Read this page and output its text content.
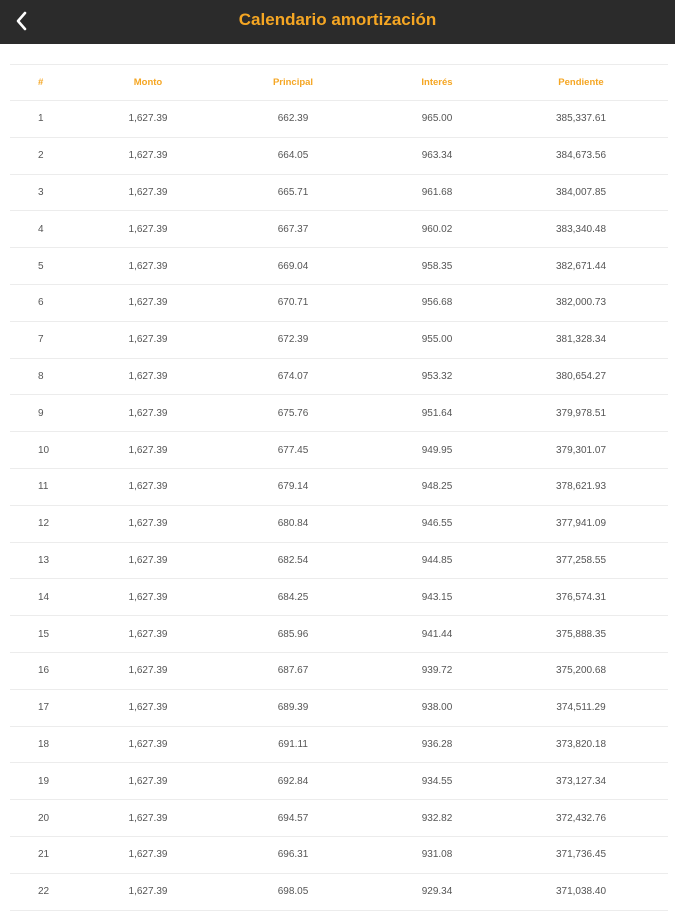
Calendario amortización
#	Monto	Principal	Interés	Pendiente
1	1,627.39	662.39	965.00	385,337.61
2	1,627.39	664.05	963.34	384,673.56
3	1,627.39	665.71	961.68	384,007.85
4	1,627.39	667.37	960.02	383,340.48
5	1,627.39	669.04	958.35	382,671.44
6	1,627.39	670.71	956.68	382,000.73
7	1,627.39	672.39	955.00	381,328.34
8	1,627.39	674.07	953.32	380,654.27
9	1,627.39	675.76	951.64	379,978.51
10	1,627.39	677.45	949.95	379,301.07
11	1,627.39	679.14	948.25	378,621.93
12	1,627.39	680.84	946.55	377,941.09
13	1,627.39	682.54	944.85	377,258.55
14	1,627.39	684.25	943.15	376,574.31
15	1,627.39	685.96	941.44	375,888.35
16	1,627.39	687.67	939.72	375,200.68
17	1,627.39	689.39	938.00	374,511.29
18	1,627.39	691.11	936.28	373,820.18
19	1,627.39	692.84	934.55	373,127.34
20	1,627.39	694.57	932.82	372,432.76
21	1,627.39	696.31	931.08	371,736.45
22	1,627.39	698.05	929.34	371,038.40
